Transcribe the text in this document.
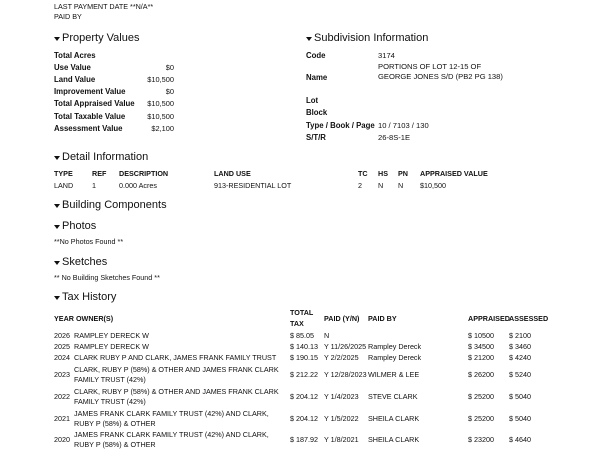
LAST PAYMENT DATE **N/A**
PAID BY
Property Values
Total Acres
Use Value	$0
Land Value	$10,500
Improvement Value	$0
Total Appraised Value $10,500
Total Taxable Value	$10,500
Assessment Value	$2,100
Subdivision Information
Code	3174
Name
PORTIONS OF LOT 12-15 OF GEORGE JONES S/D (PB2 PG 138)
Lot
Block
Type / Book / Page 10 / 7103 / 130
S/T/R	26-8S-1E
Detail Information
TYPE	REF DESCRIPTION	LAND USE	TC HS PN APPRAISED VALUE
LAND	1	0.000 Acres	913-RESIDENTIAL LOT	2 N N $10,500
Building Components
Photos
**No Photos Found **
Sketches
** No Building Sketches Found **
Tax History
YEAR OWNER(S)
TOTAL
TAX
PAID (Y/N) PAID BY	APPRAISED ASSESSED
2026 RAMPLEY DERECK W	$ 85.05 N	$ 10500 $ 2100
2025 RAMPLEY DERECK W	$ 140.13 Y 11/26/2025 Rampley Dereck	$ 34500 $ 3460
2024 CLARK RUBY P AND CLARK, JAMES FRANK FAMILY TRUST $ 190.15 Y 2/2/2025 Rampley Dereck	$ 21200 $ 4240
2023
CLARK, RUBY P (58%) & OTHER AND JAMES FRANK CLARK FAMILY TRUST (42%)
$ 212.22 Y 12/28/2023 WILMER & LEE	$ 26200 $ 5240
2022
CLARK, RUBY P (58%) & OTHER AND JAMES FRANK CLARK FAMILY TRUST (42%)
$ 204.12 Y 1/4/2023 STEVE CLARK	$ 25200 $ 5040
2021
JAMES FRANK CLARK FAMILY TRUST (42%) AND CLARK, RUBY P (58%) & OTHER
$ 204.12 Y 1/5/2022 SHEILA CLARK	$ 25200 $ 5040
2020
JAMES FRANK CLARK FAMILY TRUST (42%) AND CLARK, RUBY P (58%) & OTHER
$ 187.92 Y 1/8/2021 SHEILA CLARK	$ 23200 $ 4640
